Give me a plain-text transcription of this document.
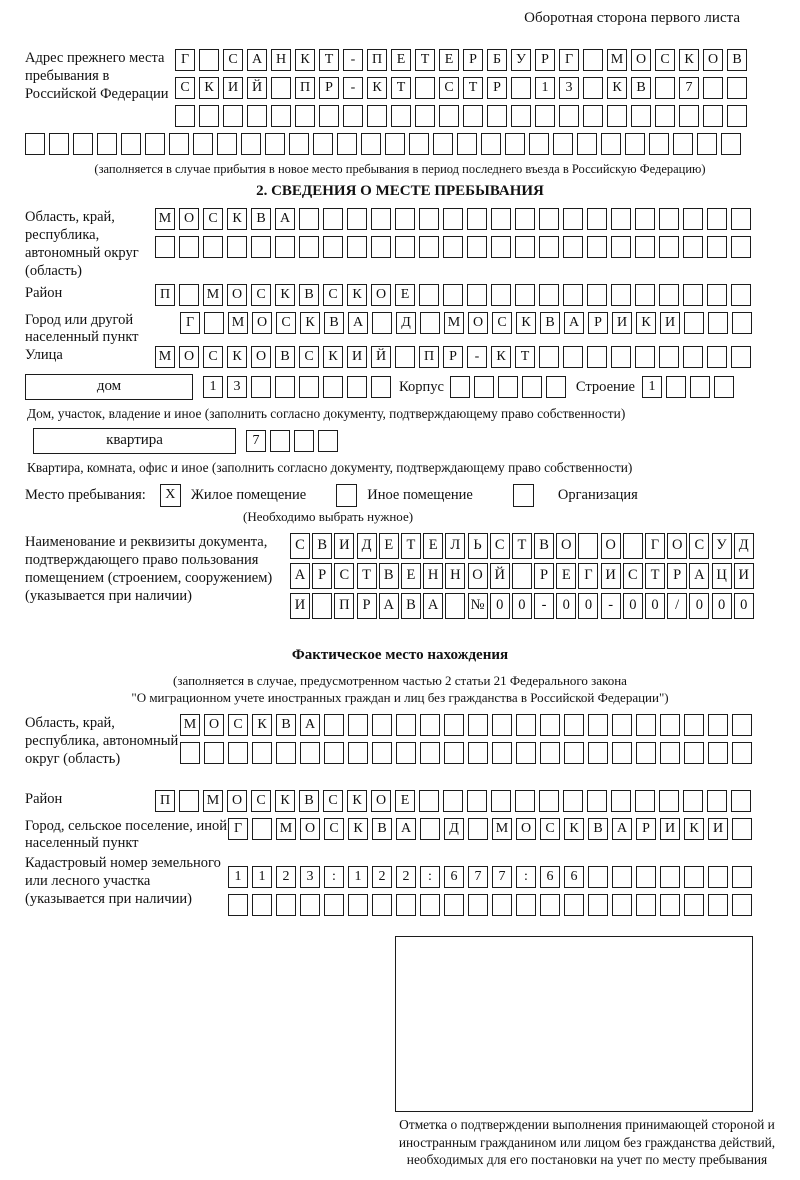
Оборотная сторона первого листа
Адрес прежнего места пребывания в Российской Федерации
Г	С А Н К Т - П Е Т Е Р Б У Р Г	М О С К О В
С К И Й	П Р - К Т	С Т Р	1 3	К В	7
(заполняется в случае прибытия в новое место пребывания в период последнего въезда в Российскую Федерацию)
2. СВЕДЕНИЯ О МЕСТЕ ПРЕБЫВАНИЯ
Область, край, республика, автономный округ (область)
М О С К В А
Район	П	М О С К В С К О Е
Город или другой населенный пункт
Г	М О С К В А	Д	М О С К В А Р И К И
Улица	М О С К О В С К И Й	П Р - К Т
дом	1 3	Корпус	Строение 1
Дом, участок, владение и иное (заполнить согласно документу, подтверждающему право собственности)
квартира	7
Квартира, комната, офис и иное (заполнить согласно документу, подтверждающему право собственности)
Место пребывания:	X	Жилое помещение	Иное помещение	Организация
(Необходимо выбрать нужное)
Наименование и реквизиты документа, подтверждающего право пользования помещением (строением, сооружением) (указывается при наличии)
С В И Д Е Т Е Л Ь С Т В О О Г О С У Д
А Р С Т В Е Н Н О Й Р Е Г И С Т Р А Ц И
И П Р А В А № 0 0 - 0 0 - 0 0 / 0 0 0
Фактическое место нахождения
(заполняется в случае, предусмотренном частью 2 статьи 21 Федерального закона
"О миграционном учете иностранных граждан и лиц без гражданства в Российской Федерации")
Область, край, республика, автономный округ (область)
М О С К В А
Район	П	М О С К В С К О Е
Город, сельское поселение, иной населенный пункт
Г	М О С К В А	Д	М О С К В А Р И К И
Кадастровый номер земельного или лесного участка (указывается при наличии)
1 1 2 3 : 1 2 2 : 6 7 7 : 6 6
Отметка о подтверждении выполнения принимающей стороной и иностранным гражданином или лицом без гражданства действий, необходимых для его постановки на учет по месту пребывания
